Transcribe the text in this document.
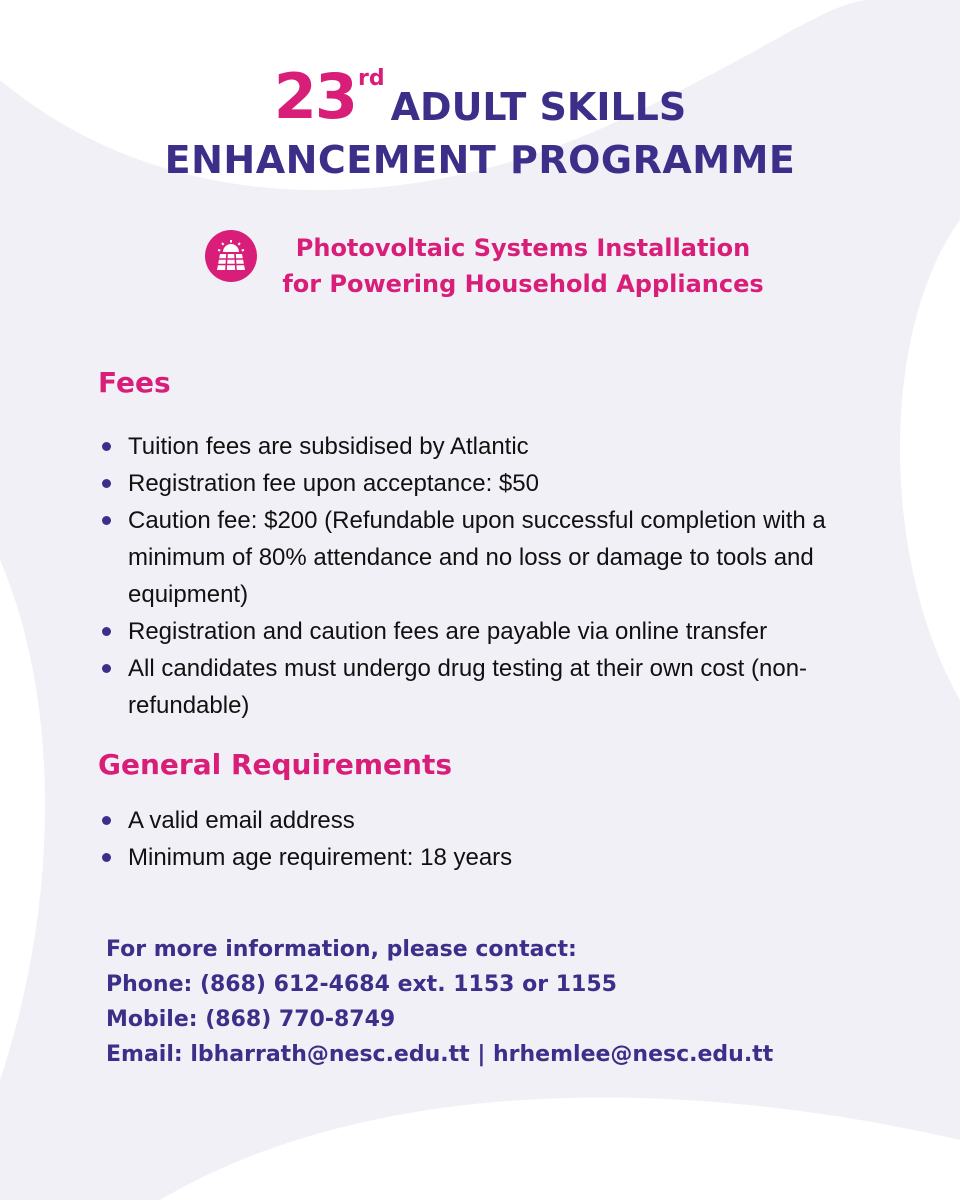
23 rd
ADULT SKILLS
ENHANCEMENT PROGRAMME
Photovoltaic Systems Installation
for Powering Household Appliances
Fees
Tuition fees are subsidised by Atlantic
Registration fee upon acceptance: $50
Caution fee: $200 (Refundable upon successful completion with a minimum of 80% attendance and no loss or damage to tools and equipment)
Registration and caution fees are payable via online transfer
All candidates must undergo drug testing at their own cost (non-refundable)
General Requirements
A valid email address
Minimum age requirement: 18 years
For more information, please contact:
Phone: (868) 612-4684 ext. 1153 or 1155
Mobile: (868) 770-8749
Email: lbharrath@nesc.edu.tt | hrhemlee@nesc.edu.tt
